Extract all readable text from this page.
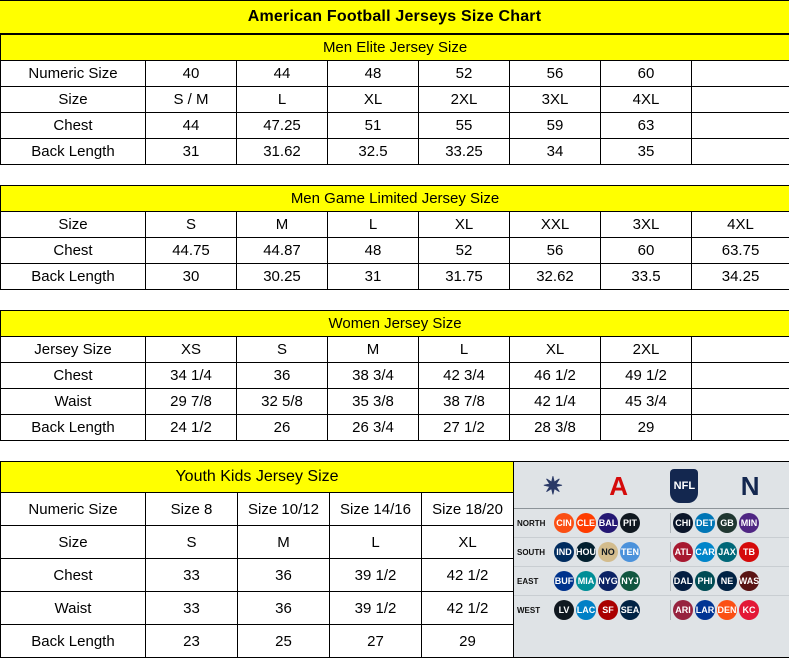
American Football Jerseys Size Chart
Men Elite Jersey Size							
Numeric Size	40	44	48	52	56	60	
Size	S / M	L	XL	2XL	3XL	4XL	
Chest	44	47.25	51	55	59	63	
Back Length	31	31.62	32.5	33.25	34	35	
Men Game Limited Jersey Size							
Size	S	M	L	XL	XXL	3XL	4XL
Chest	44.75	44.87	48	52	56	60	63.75
Back Length	30	30.25	31	31.75	32.62	33.5	34.25
Women Jersey Size							
Jersey Size	XS	S	M	L	XL	2XL	
Chest	34 1/4	36	38 3/4	42 3/4	46 1/2	49 1/2	
Waist	29 7/8	32 5/8	35 3/8	38 7/8	42 1/4	45 3/4	
Back Length	24 1/2	26	26 3/4	27 1/2	28 3/8	29	
Youth Kids Jersey Size				
Numeric Size	Size 8	Size 10/12	Size 14/16	Size 18/20
Size	S	M	L	XL
Chest	33	36	39 1/2	42 1/2
Waist	33	36	39 1/2	42 1/2
Back Length	23	25	27	29
✷	A	NFL	N
NORTH	CIN CLE BAL PIT	CHI DET GB MIN
SOUTH	IND HOU NO TEN	ATL CAR JAX TB
EAST	BUF MIA NYG NYJ	DAL PHI NE WAS
WEST	LV LAC SF SEA	ARI LAR DEN KC
